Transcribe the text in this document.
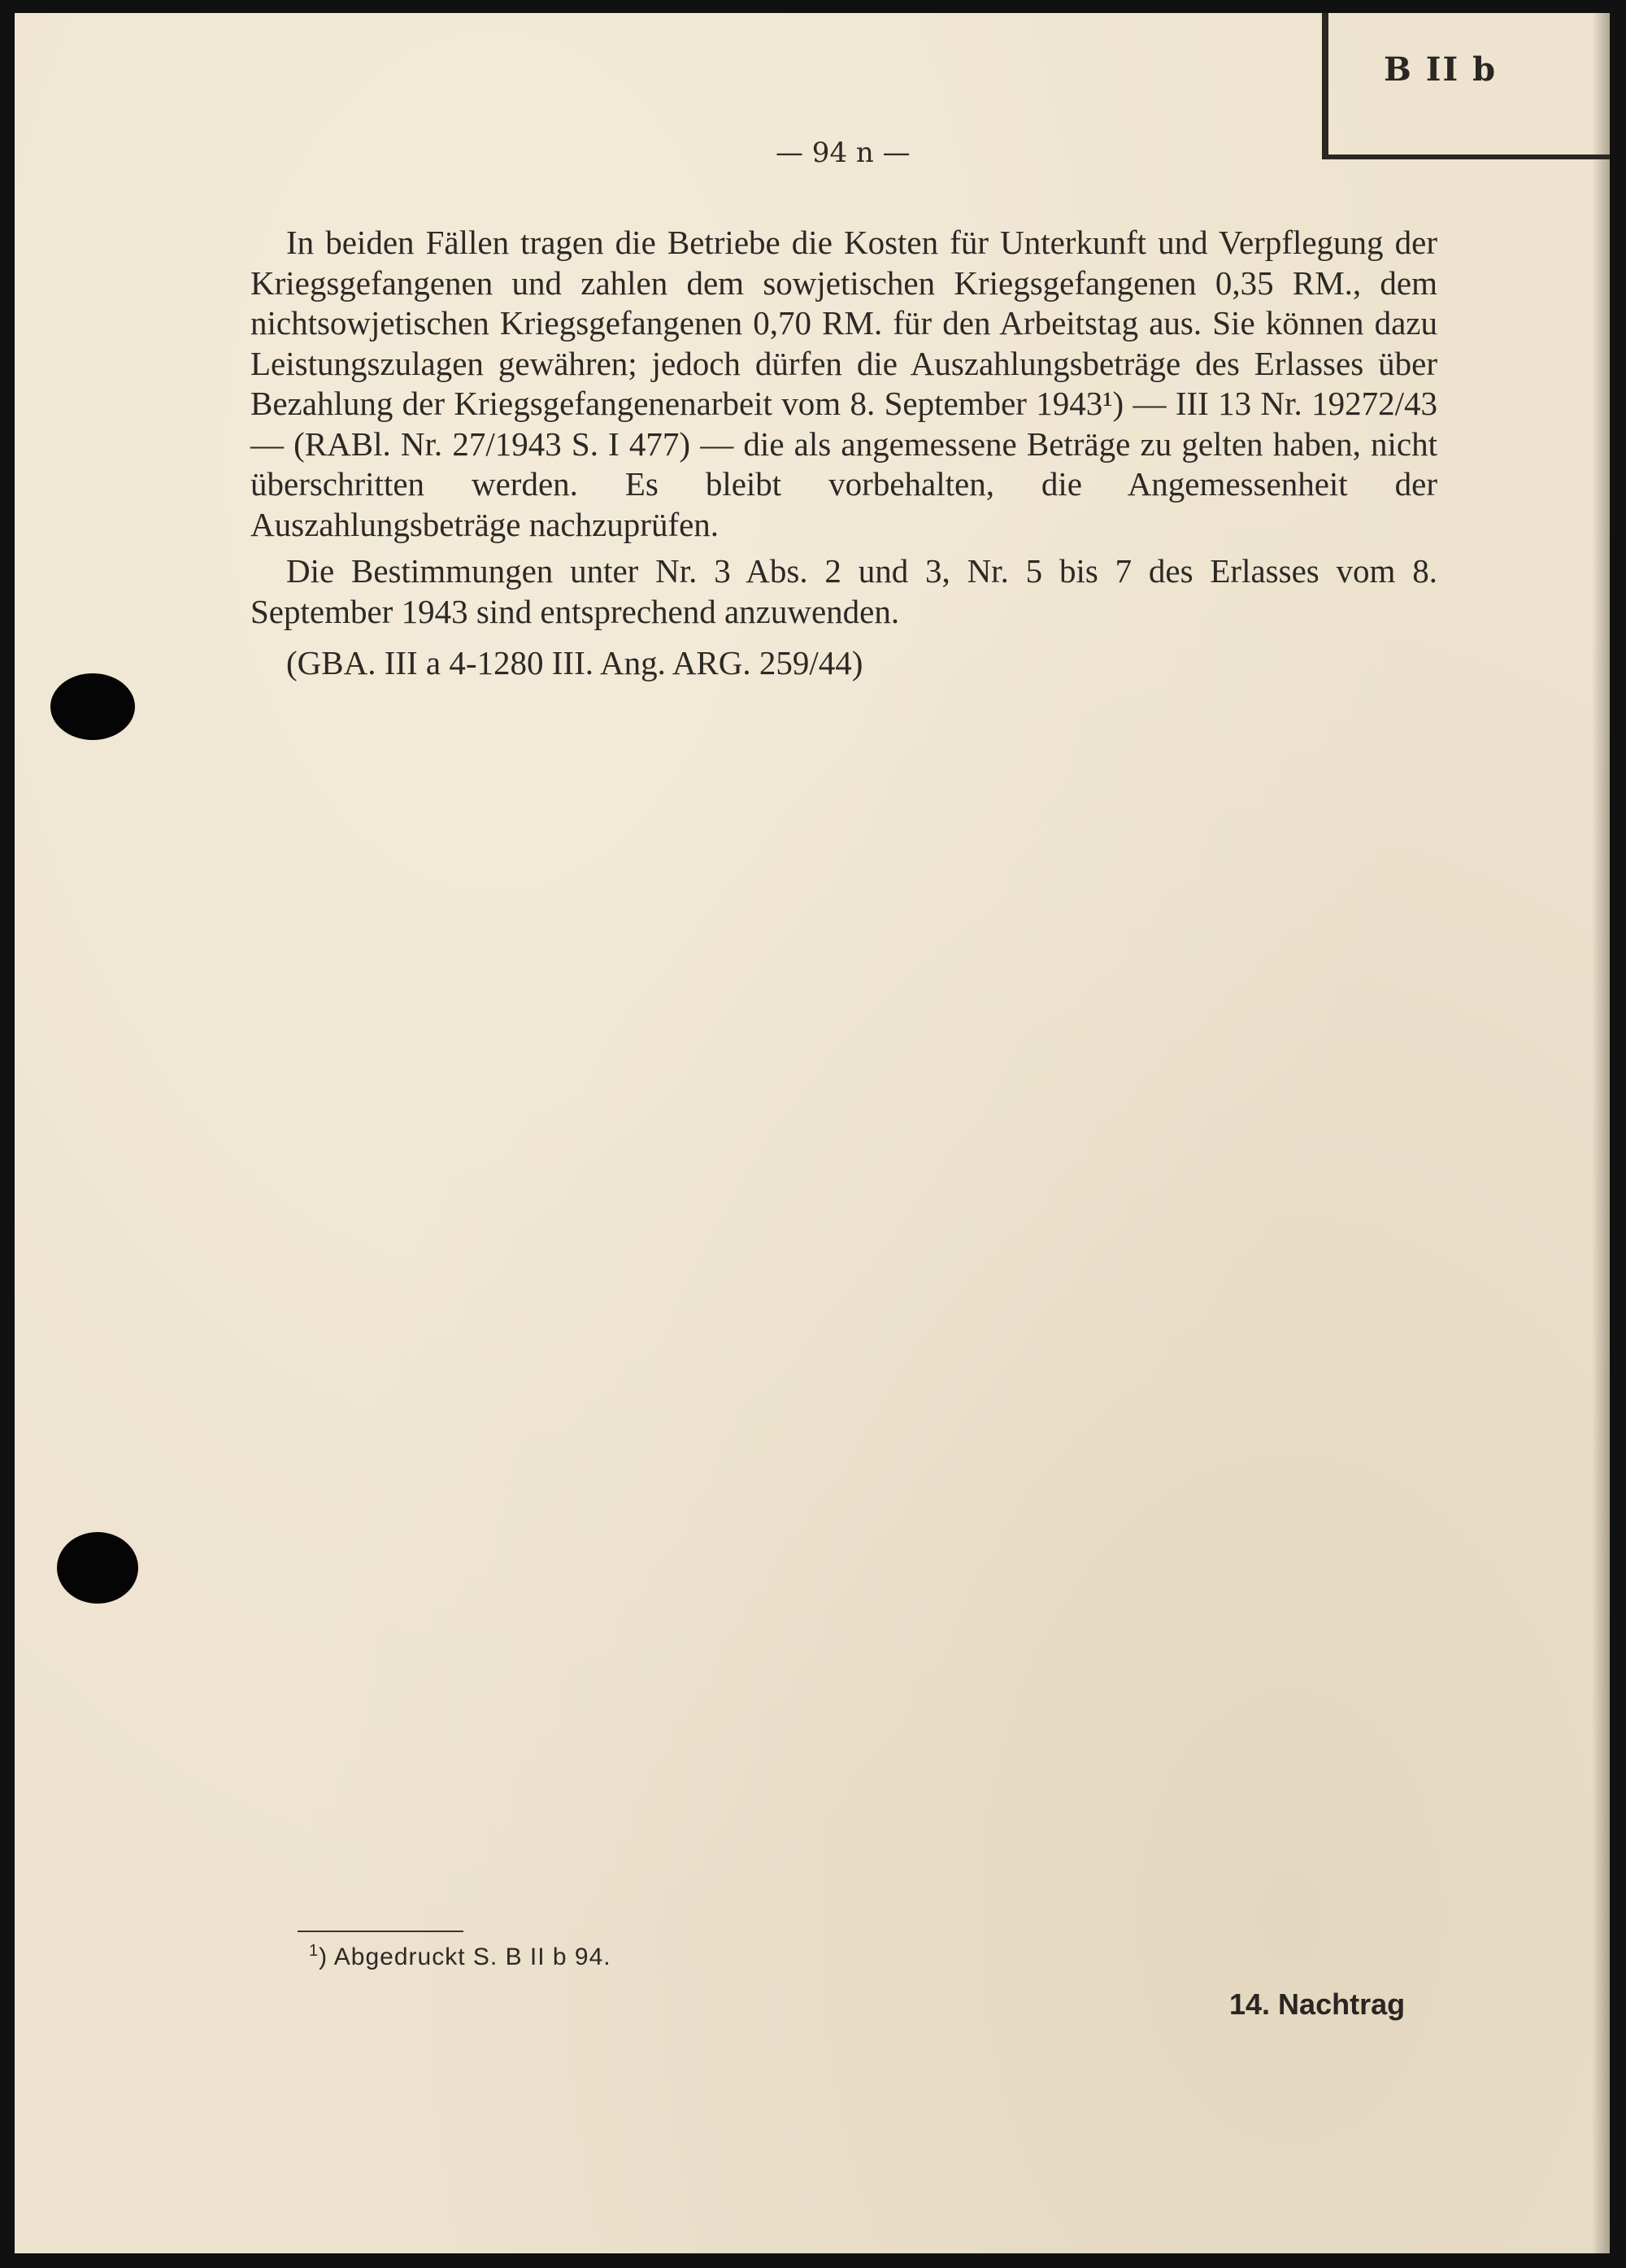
B II b
— 94 n —

In beiden Fällen tragen die Betriebe die Kosten für Unterkunft und Verpflegung der Kriegsgefangenen und zahlen dem sowjetischen Kriegsgefangenen 0,35 RM., dem nichtsowjetischen Kriegsgefangenen 0,70 RM. für den Arbeitstag aus. Sie können dazu Leistungszulagen gewähren; jedoch dürfen die Auszahlungsbeträge des Erlasses über Bezahlung der Kriegsgefangenenarbeit vom 8. September 1943¹) — III 13 Nr. 19272/43 — (RABl. Nr. 27/1943 S. I 477) — die als angemessene Beträge zu gelten haben, nicht überschritten werden. Es bleibt vorbehalten, die Angemessenheit der Auszahlungsbeträge nachzuprüfen.

Die Bestimmungen unter Nr. 3 Abs. 2 und 3, Nr. 5 bis 7 des Erlasses vom 8. September 1943 sind entsprechend anzuwenden.

(GBA. III a 4-1280 III. Ang. ARG. 259/44)

$^1$) Abgedruckt S. B II b 94.
14. Nachtrag
